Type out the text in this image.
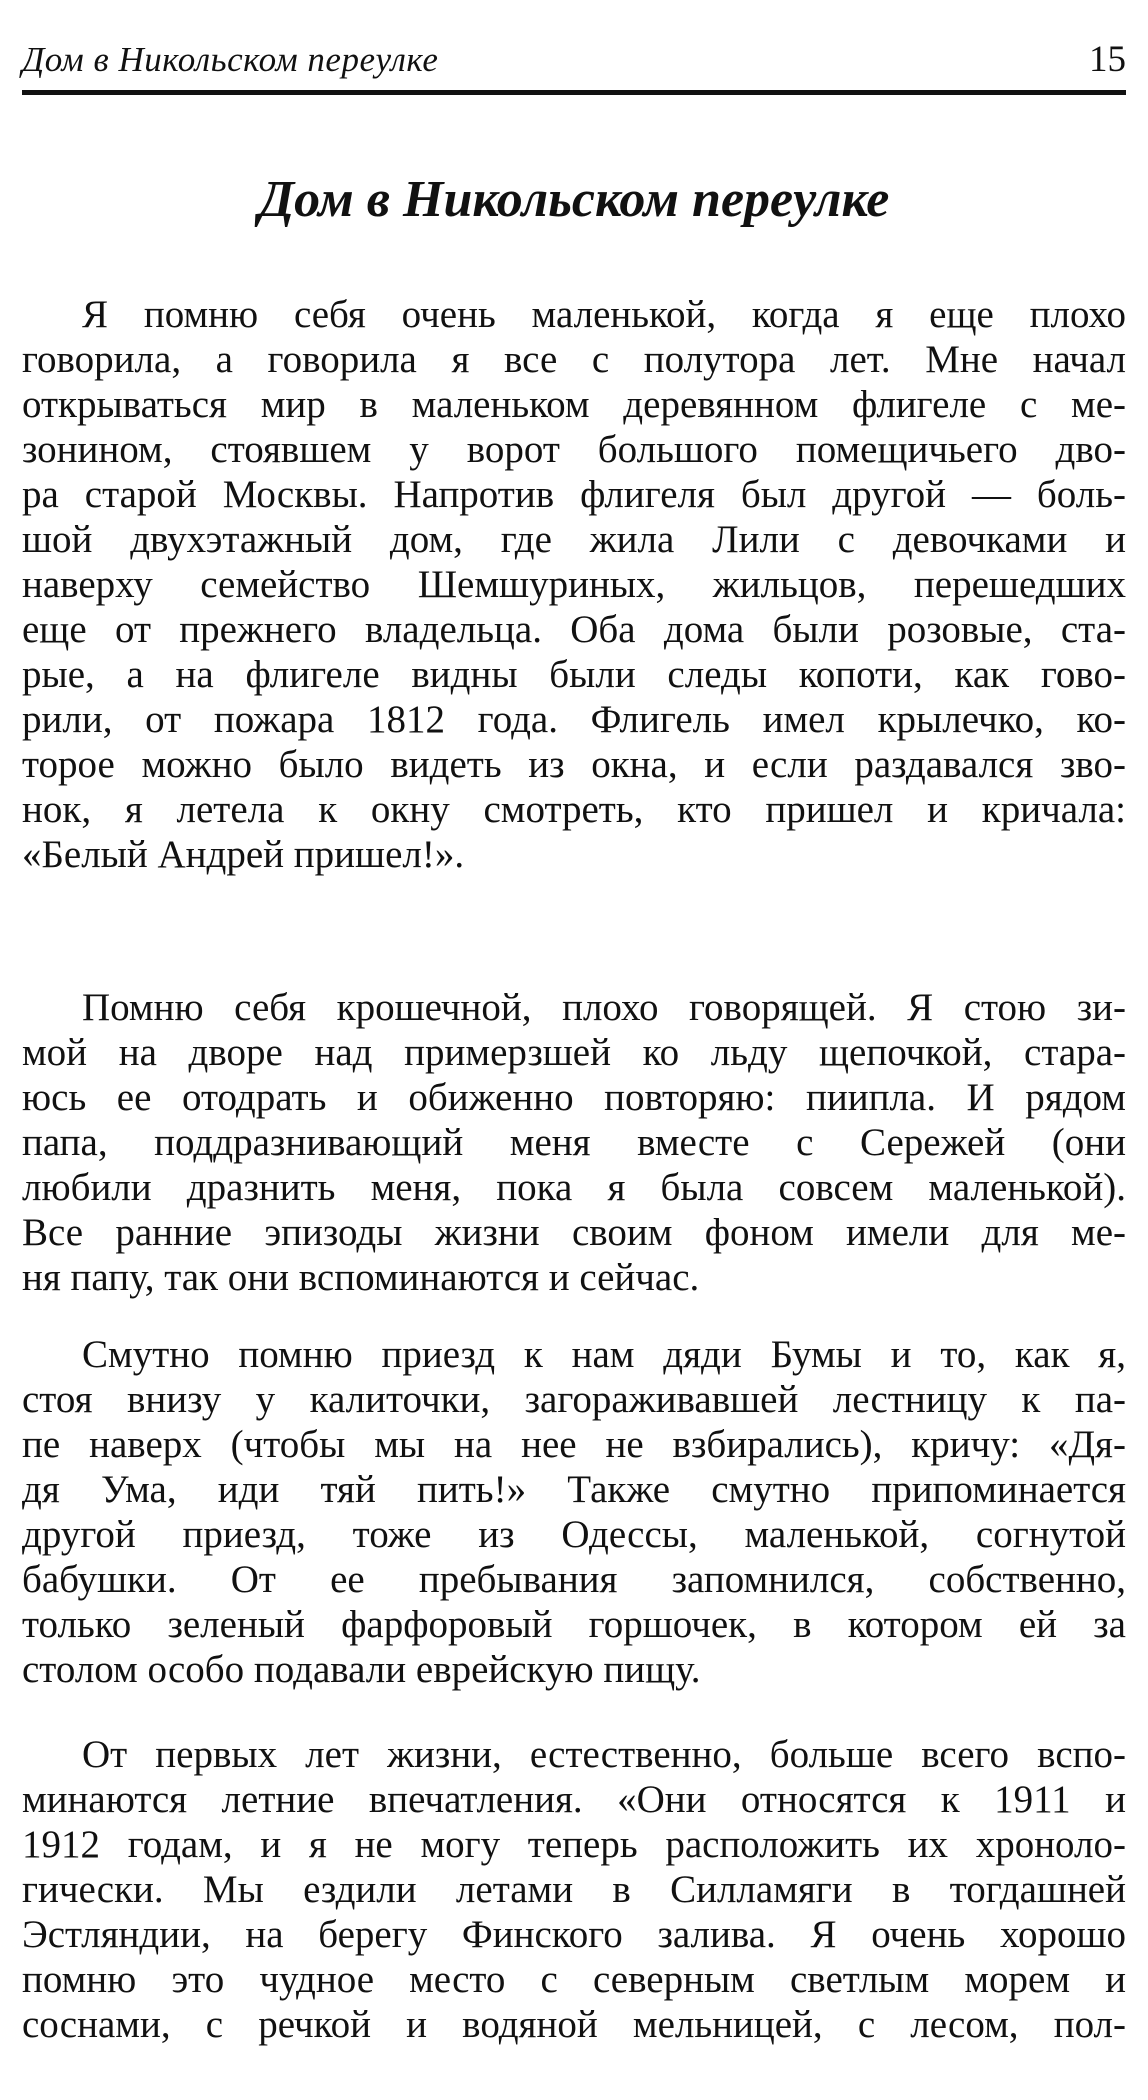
Дом в Никольском переулке	15
Дом в Никольском переулке
Я помню себя очень маленькой, когда я еще плохо
говорила, а говорила я все с полутора лет. Мне начал
открываться мир в маленьком деревянном флигеле с ме-
зонином, стоявшем у ворот большого помещичьего дво-
ра старой Москвы. Напротив флигеля был другой — боль-
шой двухэтажный дом, где жила Лили с девочками и
наверху семейство Шемшуриных, жильцов, перешедших
еще от прежнего владельца. Оба дома были розовые, ста-
рые, а на флигеле видны были следы копоти, как гово-
рили, от пожара 1812 года. Флигель имел крылечко, ко-
торое можно было видеть из окна, и если раздавался зво-
нок, я летела к окну смотреть, кто пришел и кричала:
«Белый Андрей пришел!».
Помню себя крошечной, плохо говорящей. Я стою зи-
мой на дворе над примерзшей ко льду щепочкой, стара-
юсь ее отодрать и обиженно повторяю: пиипла. И рядом
папа, поддразнивающий меня вместе с Сережей (они
любили дразнить меня, пока я была совсем маленькой).
Все ранние эпизоды жизни своим фоном имели для ме-
ня папу, так они вспоминаются и сейчас.
Смутно помню приезд к нам дяди Бумы и то, как я,
стоя внизу у калиточки, загораживавшей лестницу к па-
пе наверх (чтобы мы на нее не взбирались), кричу: «Дя-
дя Ума, иди тяй пить!» Также смутно припоминается
другой приезд, тоже из Одессы, маленькой, согнутой
бабушки. От ее пребывания запомнился, собственно,
только зеленый фарфоровый горшочек, в котором ей за
столом особо подавали еврейскую пищу.
От первых лет жизни, естественно, больше всего вспо-
минаются летние впечатления. «Они относятся к 1911 и
1912 годам, и я не могу теперь расположить их хроноло-
гически. Мы ездили летами в Силламяги в тогдашней
Эстляндии, на берегу Финского залива. Я очень хорошо
помню это чудное место с северным светлым морем и
соснами, с речкой и водяной мельницей, с лесом, пол-
